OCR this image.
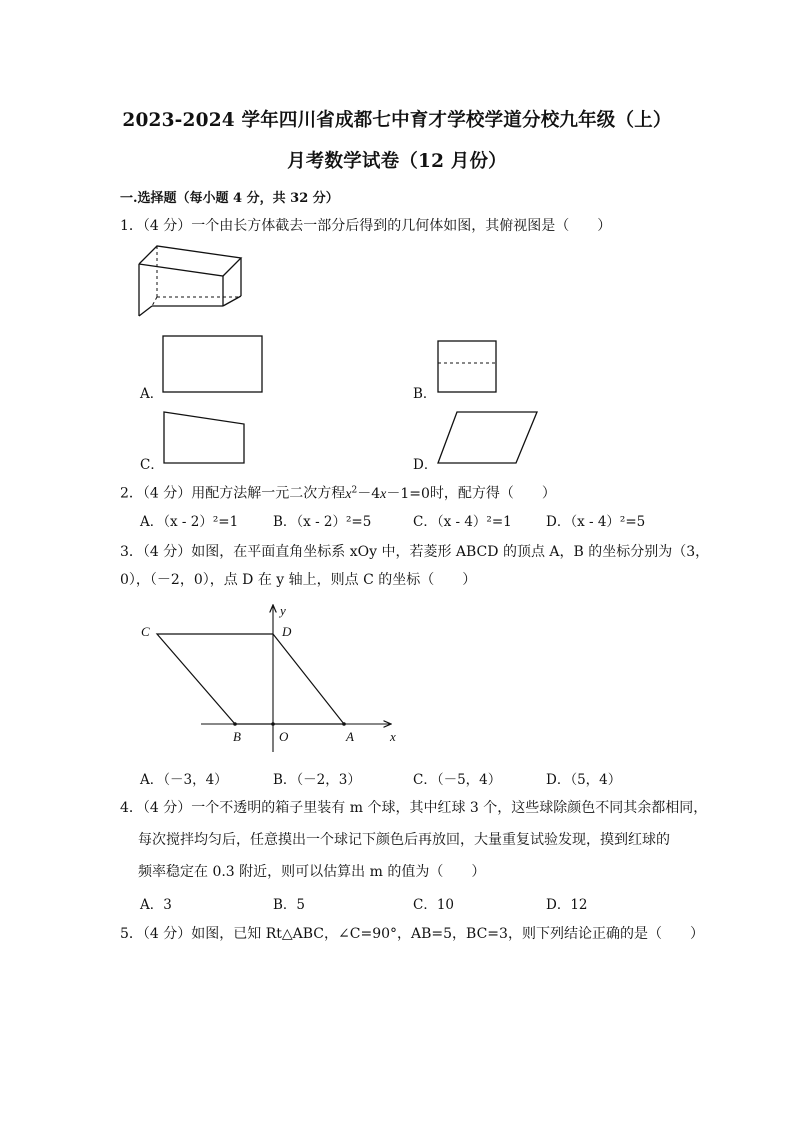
2023-2024 学年四川省成都七中育才学校学道分校九年级（上）
月考数学试卷（12 月份）
一.选择题（每小题 4 分，共 32 分）
1．（4 分）一个由长方体截去一部分后得到的几何体如图，其俯视图是（　　）
A．	B．
C．	D．
2．（4 分）用配方法解一元二次方程$x^2-4x-1=0$时，配方得（　　）
A．（x - 2）²=1	B．（x - 2）²=5	C．（x - 4）²=1	D．（x - 4）²=5
3．（4 分）如图，在平面直角坐标系 xOy 中，若菱形 ABCD 的顶点 A，B 的坐标分别为（3，
0），（－2，0），点 D 在 y 轴上，则点 C 的坐标（　　）
C	D
y
B	O	A	x
A．（－3，4）	B．（－2，3）	C．（－5，4）	D．（5，4）
4．（4 分）一个不透明的箱子里装有 m 个球，其中红球 3 个，这些球除颜色不同其余都相同，
每次搅拌均匀后，任意摸出一个球记下颜色后再放回，大量重复试验发现，摸到红球的
频率稳定在 0.3 附近，则可以估算出 m 的值为（　　）
A．3	B．5	C．10	D．12
5．（4 分）如图，已知 Rt△ABC，∠C=90°，AB=5，BC=3，则下列结论正确的是（　　）
